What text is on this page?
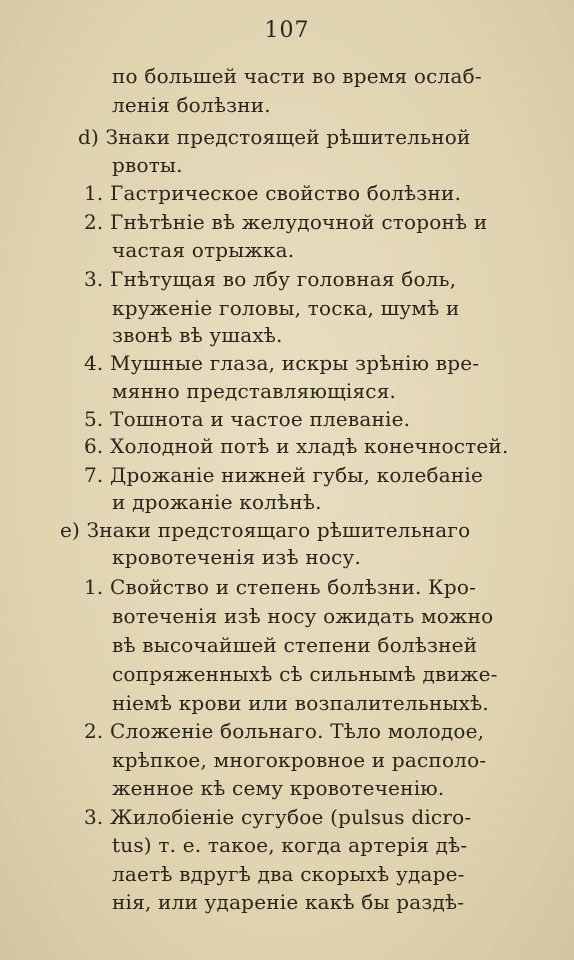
107
по большей части во время ослаб-
ленія болѣзни.
d) Знаки предстоящей рѣшительной
рвоты.
1. Гастрическое свойство болѣзни.
2. Гнѣтѣніе вѣ желудочной сторонѣ и
частая отрыжка.
3. Гнѣтущая во лбу головная боль,
круженіе головы, тоска, шумѣ и
звонѣ вѣ ушахѣ.
4. Мушные глаза, искры зрѣнію вре-
мянно представляющіяся.
5. Тошнота и частое плеваніе.
6. Холодной потѣ и хладѣ конечностей.
7. Дрожаніе нижней губы, колебаніе
и дрожаніе колѣнѣ.
e) Знаки предстоящаго рѣшительнаго
кровотеченія изѣ носу.
1. Свойство и степень болѣзни. Кро-
вотеченія изѣ носу ожидать можно
вѣ высочайшей степени болѣзней
сопряженныхѣ сѣ сильнымѣ движе-
ніемѣ крови или возпалительныхѣ.
2. Сложеніе больнаго. Тѣло молодое,
крѣпкое, многокровное и располо-
женное кѣ сему кровотеченію.
3. Жилобіеніе сугубое (pulsus dicro-
tus) т. е. такое, когда артерія дѣ-
лаетѣ вдругѣ два скорыхѣ ударе-
нія, или удареніе какѣ бы раздѣ-
